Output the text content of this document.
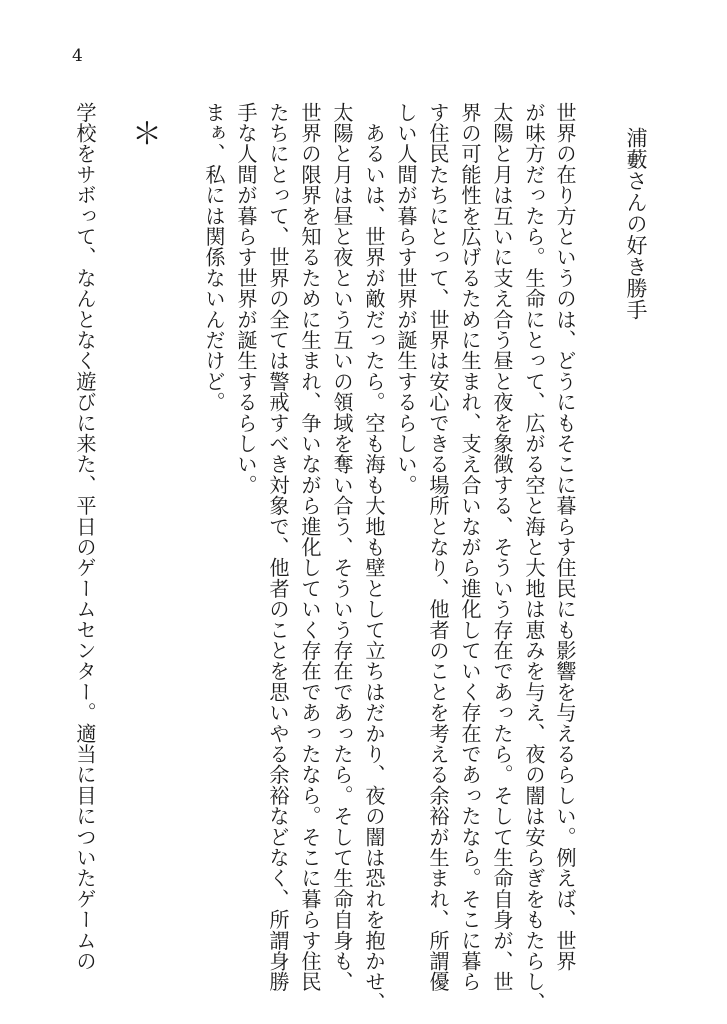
4
浦藪さんの好き勝手
世界の在り方というのは、どうにもそこに暮らす住民にも影響を与えるらしい。例えば、世界
が味方だったら。生命にとって、広がる空と海と大地は恵みを与え、夜の闇は安らぎをもたらし、
太陽と月は互いに支え合う昼と夜を象徴する、そういう存在であったら。そして生命自身が、世
界の可能性を広げるために生まれ、支え合いながら進化していく存在であったなら。そこに暮ら
す住民たちにとって、世界は安心できる場所となり、他者のことを考える余裕が生まれ、所謂優
しい人間が暮らす世界が誕生するらしい。
　あるいは、世界が敵だったら。空も海も大地も壁として立ちはだかり、夜の闇は恐れを抱かせ、
太陽と月は昼と夜という互いの領域を奪い合う、そういう存在であったら。そして生命自身も、
世界の限界を知るために生まれ、争いながら進化していく存在であったなら。そこに暮らす住民
たちにとって、世界の全ては警戒すべき対象で、他者のことを思いやる余裕などなく、所謂身勝
手な人間が暮らす世界が誕生するらしい。
まぁ、私には関係ないんだけど。
＊
学校をサボって、なんとなく遊びに来た、平日のゲームセンター。適当に目についたゲームの
